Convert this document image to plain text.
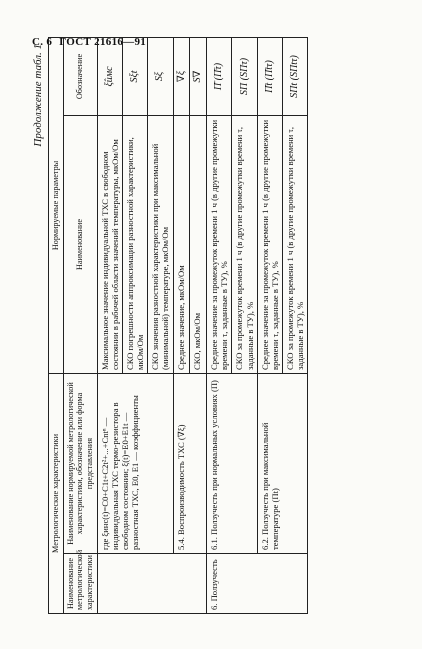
С. 6 ГОСТ 21616—91
Продолжение табл. 1
Метрологические характеристики		Нормируемые параметры	
Наименование метрологической характеристики	Наименование нормируемой метрологической характеристики, обозначение или форма представления	Наименование	Обозначение
	где ξинс(t)=C0+C1t+C2t²+...+Cntⁿ — индивидуальная ТХС термо-резистора в свободном состоянии; ξ(t)=E0+E1t — разностная ТХС, E0, E1 — коэффициенты	Максимальное значение индивидуальной ТХС в свободном состоянии в рабочей области значений температуры, мкОм/Ом	ξ̂имс
		СКО погрешности аппроксимации разностной характеристики, мкОм/Ом	Sξt
		СКО значения разностной характеристики при максимальной (минимальной) температуре, мкОм/Ом	Sξ
	5.4. Воспроизводимость ТХС (∇ξ)	Среднее значение, мкОм/Ом	∇ξ
		СКО, мкОм/Ом	S∇
6. Ползучесть	6.1. Ползучесть при нормальных условиях (П)	Среднее значение за промежуток времени 1 ч (в другие промежутки времени τ, заданные в ТУ), %	П̄ (П̄τ)
		СКО за промежуток времени 1 ч (в другие промежутки времени τ, заданные в ТУ), %	SП (SПτ)
	6.2. Ползучесть при максимальной температуре (Пt)	Среднее значение за промежуток времени 1 ч (в другие промежутки времени τ, заданные в ТУ), %	П̄t (П̄tτ)
		СКО за промежуток времени 1 ч (в другие промежутки времени τ, заданные в ТУ), %	SПt (SПtτ)
